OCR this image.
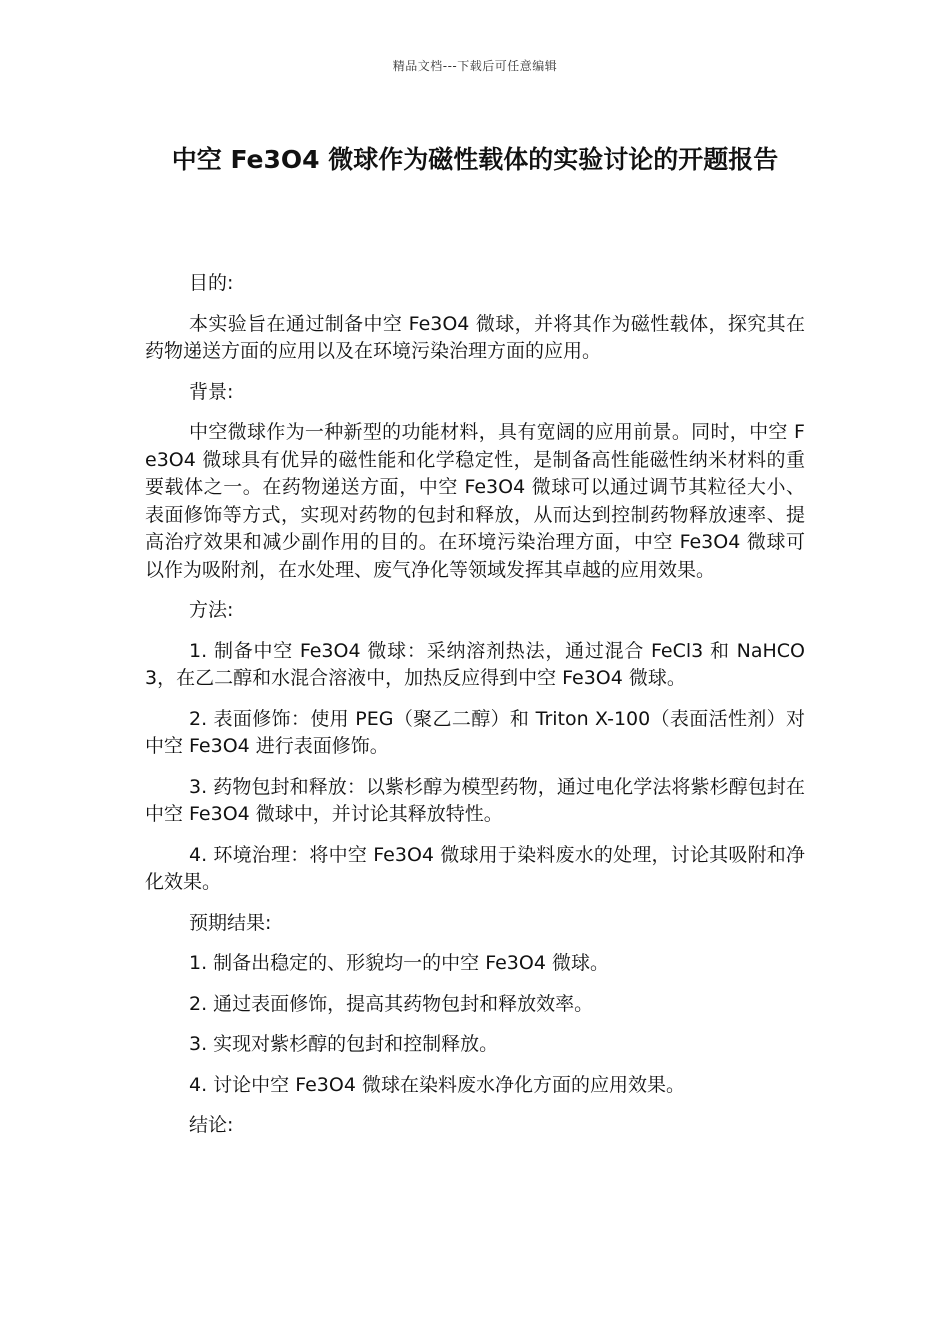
精品文档---下载后可任意编辑
中空 Fe3O4 微球作为磁性载体的实验讨论的开题报告

目的:

本实验旨在通过制备中空 Fe3O4 微球，并将其作为磁性载体，探究其在药物递送方面的应用以及在环境污染治理方面的应用。

背景:

中空微球作为一种新型的功能材料，具有宽阔的应用前景。同时，中空 Fe3O4 微球具有优异的磁性能和化学稳定性，是制备高性能磁性纳米材料的重要载体之一。在药物递送方面，中空 Fe3O4 微球可以通过调节其粒径大小、表面修饰等方式，实现对药物的包封和释放，从而达到控制药物释放速率、提高治疗效果和减少副作用的目的。在环境污染治理方面，中空 Fe3O4 微球可以作为吸附剂，在水处理、废气净化等领域发挥其卓越的应用效果。

方法:

1. 制备中空 Fe3O4 微球：采纳溶剂热法，通过混合 FeCl3 和 NaHCO3，在乙二醇和水混合溶液中，加热反应得到中空 Fe3O4 微球。

2. 表面修饰：使用 PEG（聚乙二醇）和 Triton X-100（表面活性剂）对中空 Fe3O4 进行表面修饰。

3. 药物包封和释放：以紫杉醇为模型药物，通过电化学法将紫杉醇包封在中空 Fe3O4 微球中，并讨论其释放特性。

4. 环境治理：将中空 Fe3O4 微球用于染料废水的处理，讨论其吸附和净化效果。

预期结果:

1. 制备出稳定的、形貌均一的中空 Fe3O4 微球。

2. 通过表面修饰，提高其药物包封和释放效率。

3. 实现对紫杉醇的包封和控制释放。

4. 讨论中空 Fe3O4 微球在染料废水净化方面的应用效果。

结论:
